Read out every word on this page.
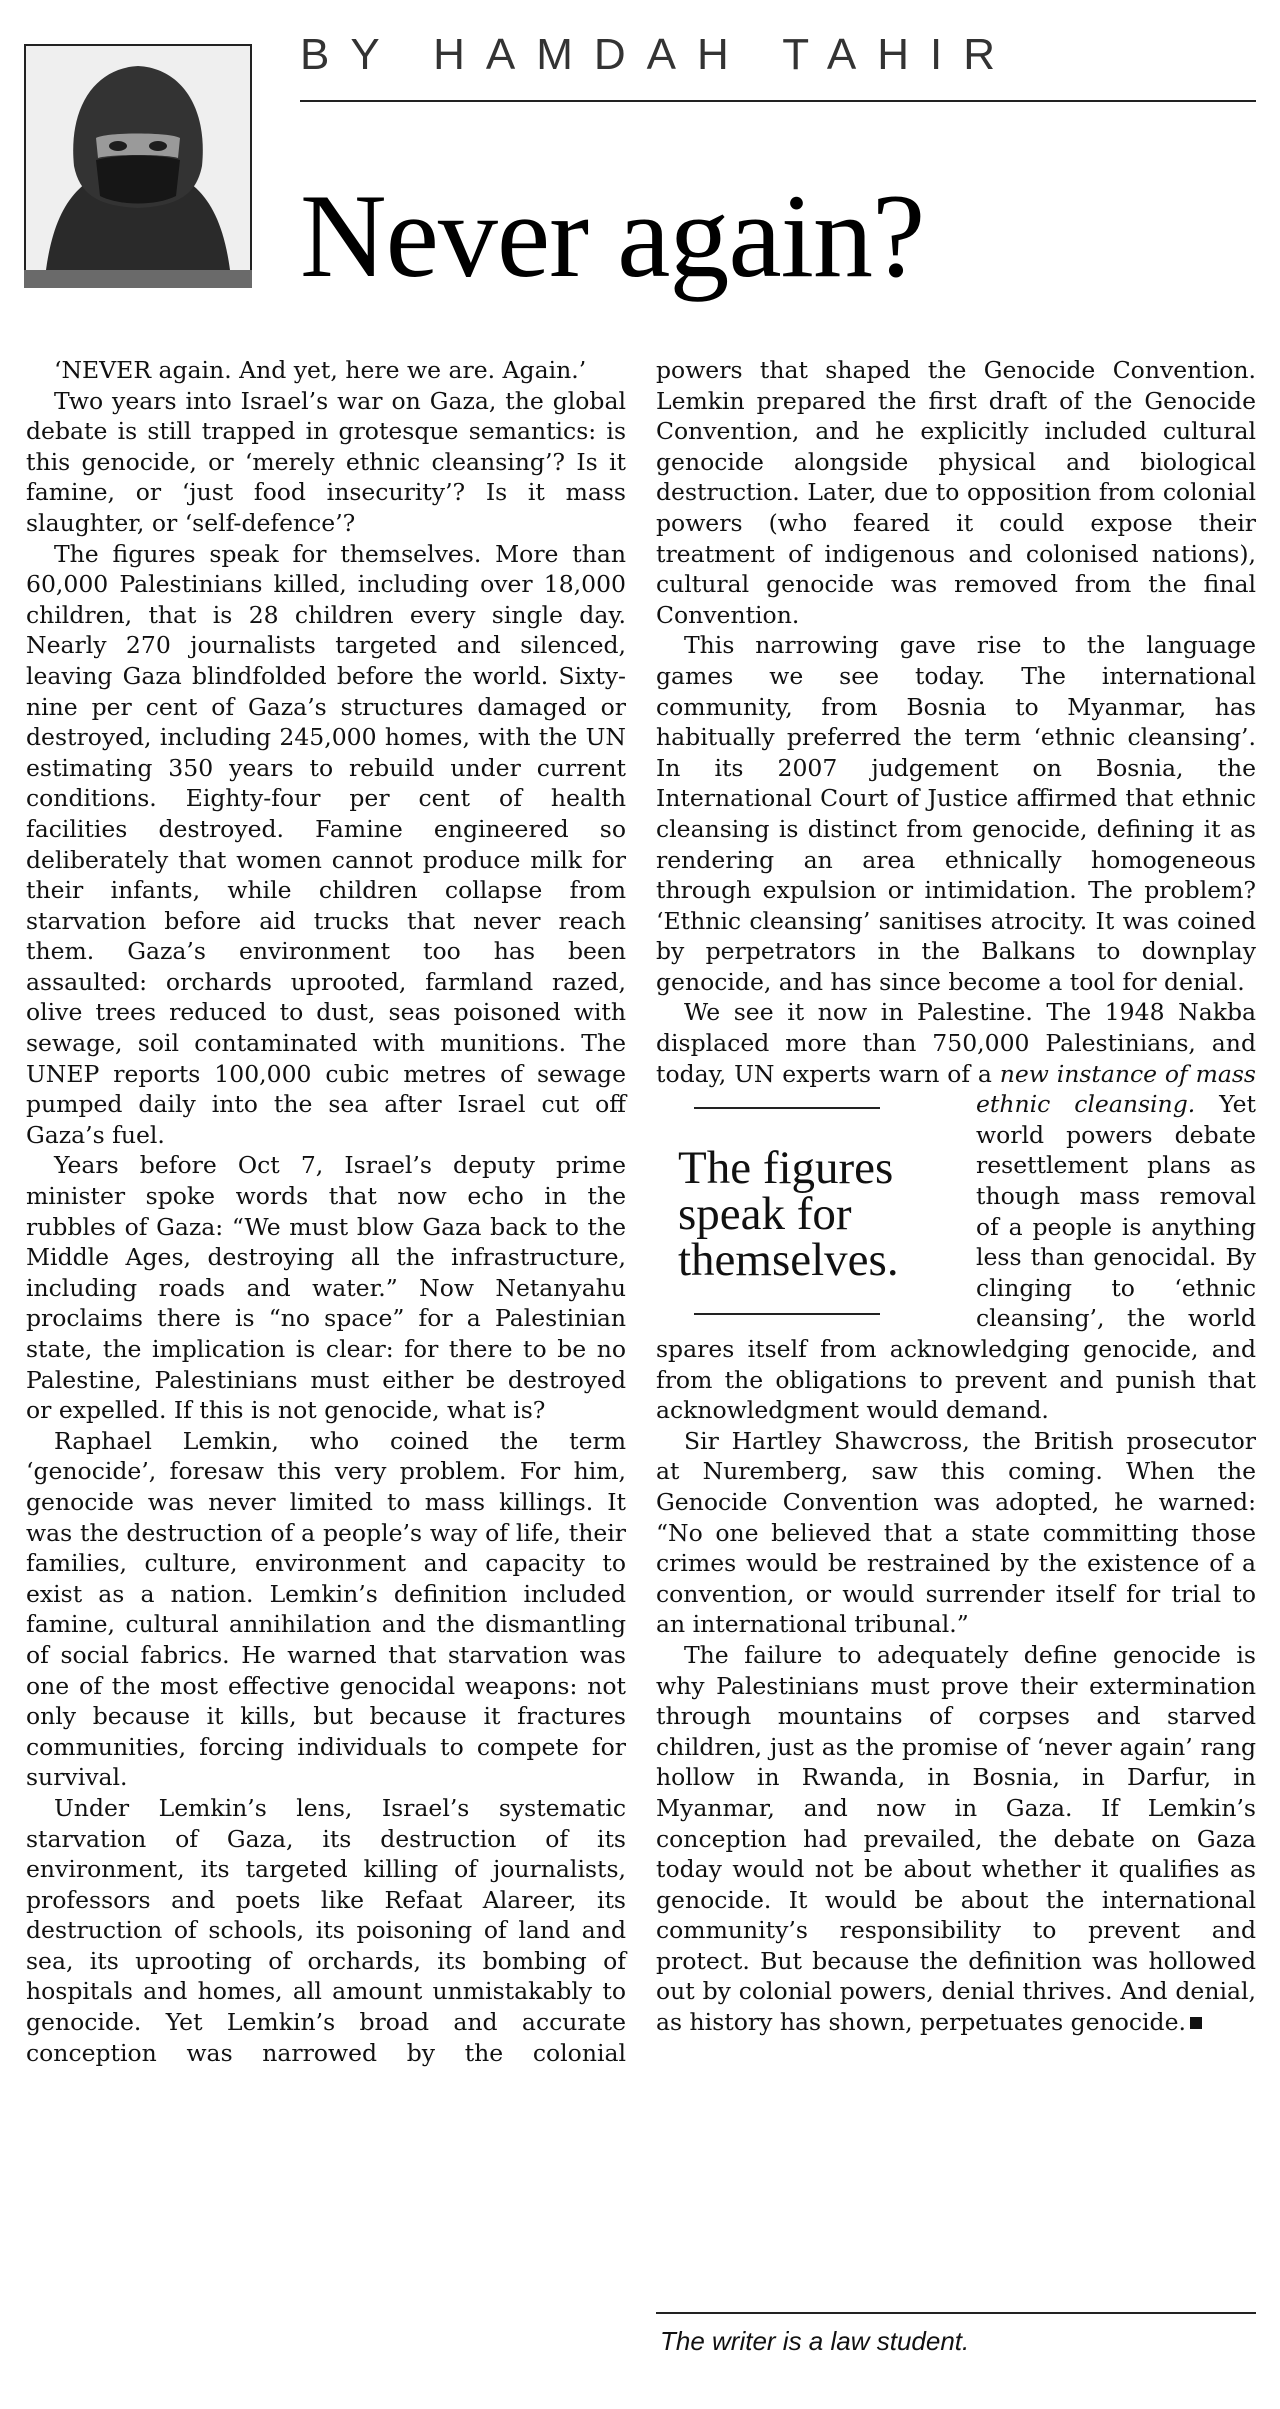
BY HAMDAH TAHIR
Never again?

‘NEVER again. And yet, here we are. Again.’

Two years into Israel’s war on Gaza, the global debate is still trapped in grotesque semantics: is this genocide, or ‘merely ethnic cleansing’? Is it famine, or ‘just food insecurity’? Is it mass slaughter, or ‘self-defence’?

The figures speak for themselves. More than 60,000 Palestinians killed, including over 18,000 children, that is 28 children every single day. Nearly 270 journalists targeted and silenced, leaving Gaza blindfolded before the world. Sixty-nine per cent of Gaza’s structures damaged or destroyed, including 245,000 homes, with the UN estimating 350 years to rebuild under current conditions. Eighty-four per cent of health facilities destroyed. Famine engineered so deliberately that women cannot produce milk for their infants, while children collapse from starvation before aid trucks that never reach them. Gaza’s environment too has been assaulted: orchards uprooted, farmland razed, olive trees reduced to dust, seas poisoned with sewage, soil contaminated with munitions. The UNEP reports 100,000 cubic metres of sewage pumped daily into the sea after Israel cut off Gaza’s fuel.

Years before Oct 7, Israel’s deputy prime minister spoke words that now echo in the rubbles of Gaza: “We must blow Gaza back to the Middle Ages, destroying all the infrastructure, including roads and water.” Now Netanyahu proclaims there is “no space” for a Palestinian state, the implication is clear: for there to be no Palestine, Palestinians must either be destroyed or expelled. If this is not genocide, what is?

Raphael Lemkin, who coined the term ‘genocide’, foresaw this very problem. For him, genocide was never limited to mass killings. It was the destruction of a people’s way of life, their families, culture, environment and capacity to exist as a nation. Lemkin’s definition included famine, cultural annihilation and the dismantling of social fabrics. He warned that starvation was one of the most effective genocidal weapons: not only because it kills, but because it fractures communities, forcing individuals to compete for survival.

Under Lemkin’s lens, Israel’s systematic starvation of Gaza, its destruction of its environment, its targeted killing of journalists, professors and poets like Refaat Alareer, its destruction of schools, its poisoning of land and sea, its uprooting of orchards, its bombing of hospitals and homes, all amount unmistakably to genocide. Yet Lemkin’s broad and accurate conception was narrowed by the colonial

powers that shaped the Genocide Convention. Lemkin prepared the first draft of the Genocide Convention, and he explicitly included cultural genocide alongside physical and biological destruction. Later, due to opposition from colonial powers (who feared it could expose their treatment of indigenous and colonised nations), cultural genocide was removed from the final Convention.

This narrowing gave rise to the language games we see today. The international community, from Bosnia to Myanmar, has habitually preferred the term ‘ethnic cleansing’. In its 2007 judgement on Bosnia, the International Court of Justice affirmed that ethnic cleansing is distinct from genocide, defining it as rendering an area ethnically homogeneous through expulsion or intimidation. The problem? ‘Ethnic cleansing’ sanitises atrocity. It was coined by perpetrators in the Balkans to downplay genocide, and has since become a tool for denial.

We see it now in Palestine. The 1948 Nakba displaced more than 750,000 Palestinians, and today, UN experts warn of a
The figures speak for themselves.
new instance of mass ethnic cleansing. Yet world powers debate resettlement plans as though mass removal of a people is anything less than genocidal. By clinging to ‘ethnic cleansing’, the world spares itself from acknowledging genocide, and from the obligations to prevent and punish that acknowledgment would demand.

Sir Hartley Shawcross, the British prosecutor at Nuremberg, saw this coming. When the Genocide Convention was adopted, he warned: “No one believed that a state committing those crimes would be restrained by the existence of a convention, or would surrender itself for trial to an international tribunal.”

The failure to adequately define genocide is why Palestinians must prove their extermination through mountains of corpses and starved children, just as the promise of ‘never again’ rang hollow in Rwanda, in Bosnia, in Darfur, in Myanmar, and now in Gaza. If Lemkin’s conception had prevailed, the debate on Gaza today would not be about whether it qualifies as genocide. It would be about the international community’s responsibility to prevent and protect. But because the definition was hollowed out by colonial powers, denial thrives. And denial, as history has shown, perpetuates genocide.

The writer is a law student.
